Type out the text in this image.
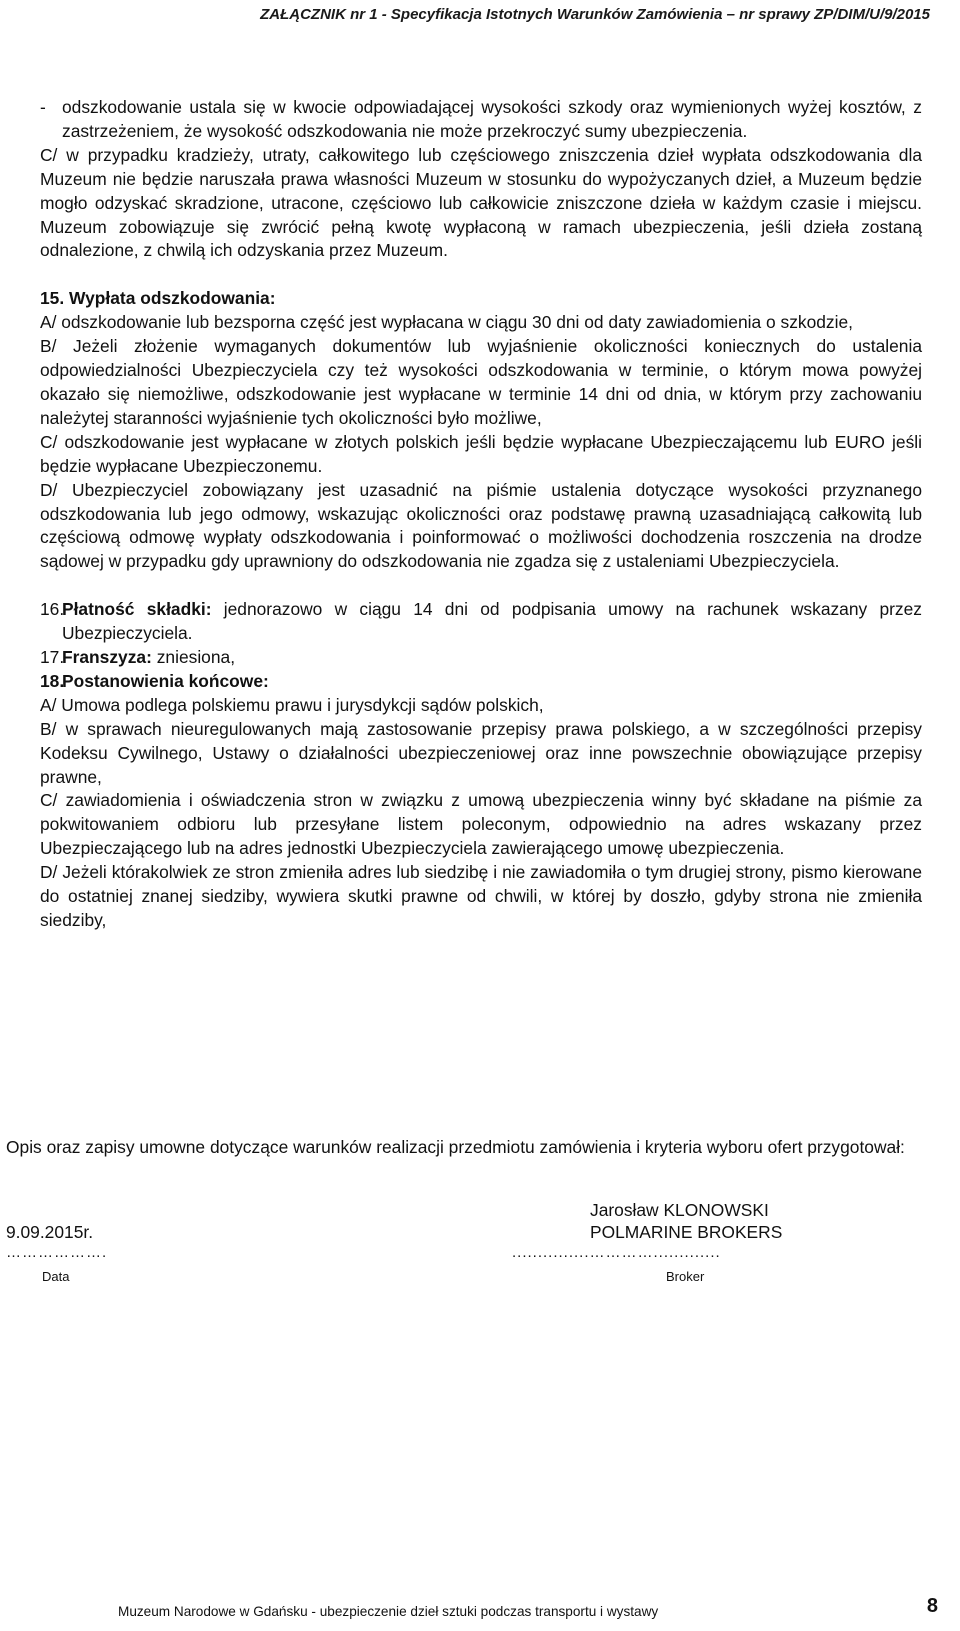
ZAŁĄCZNIK nr 1 - Specyfikacja Istotnych Warunków Zamówienia – nr sprawy ZP/DIM/U/9/2015

- odszkodowanie ustala się w kwocie odpowiadającej wysokości szkody oraz wymienionych wyżej kosztów, z zastrzeżeniem, że wysokość odszkodowania nie może przekroczyć sumy ubezpieczenia.

C/ w przypadku kradzieży, utraty, całkowitego lub częściowego zniszczenia dzieł wypłata odszkodowania dla Muzeum nie będzie naruszała prawa własności Muzeum w stosunku do wypożyczanych dzieł, a Muzeum będzie mogło odzyskać skradzione, utracone, częściowo lub całkowicie zniszczone dzieła w każdym czasie i miejscu. Muzeum zobowiązuje się zwrócić pełną kwotę wypłaconą w ramach ubezpieczenia, jeśli dzieła zostaną odnalezione, z chwilą ich odzyskania przez Muzeum.

15. Wypłata odszkodowania:

A/ odszkodowanie lub bezsporna część jest wypłacana w ciągu 30 dni od daty zawiadomienia o szkodzie,

B/ Jeżeli złożenie wymaganych dokumentów lub wyjaśnienie okoliczności koniecznych do ustalenia odpowiedzialności Ubezpieczyciela czy też wysokości odszkodowania w terminie, o którym mowa powyżej okazało się niemożliwe, odszkodowanie jest wypłacane w terminie 14 dni od dnia, w którym przy zachowaniu należytej staranności wyjaśnienie tych okoliczności było możliwe,

C/ odszkodowanie jest wypłacane w złotych polskich jeśli będzie wypłacane Ubezpieczającemu lub EURO jeśli będzie wypłacane Ubezpieczonemu.

D/ Ubezpieczyciel zobowiązany jest uzasadnić na piśmie ustalenia dotyczące wysokości przyznanego odszkodowania lub jego odmowy, wskazując okoliczności oraz podstawę prawną uzasadniającą całkowitą lub częściową odmowę wypłaty odszkodowania i poinformować o możliwości dochodzenia roszczenia na drodze sądowej w przypadku gdy uprawniony do odszkodowania nie zgadza się z ustaleniami Ubezpieczyciela.

16.
Płatność składki: jednorazowo w ciągu 14 dni od podpisania umowy na rachunek wskazany przez Ubezpieczyciela.
17.
Franszyza: zniesiona,
18.
Postanowienia końcowe:

A/ Umowa podlega polskiemu prawu i jurysdykcji sądów polskich,

B/ w sprawach nieuregulowanych mają zastosowanie przepisy prawa polskiego, a w szczególności przepisy Kodeksu Cywilnego, Ustawy o działalności ubezpieczeniowej oraz inne powszechnie obowiązujące przepisy prawne,

C/ zawiadomienia i oświadczenia stron w związku z umową ubezpieczenia winny być składane na piśmie za pokwitowaniem odbioru lub przesyłane listem poleconym, odpowiednio na adres wskazany przez Ubezpieczającego lub na adres jednostki Ubezpieczyciela zawierającego umowę ubezpieczenia.

D/ Jeżeli którakolwiek ze stron zmieniła adres lub siedzibę i nie zawiadomiła o tym drugiej strony, pismo kierowane do ostatniej znanej siedziby, wywiera skutki prawne od chwili, w której by doszło, gdyby strona nie zmieniła siedziby,

Opis oraz zapisy umowne dotyczące warunków realizacji przedmiotu zamówienia i kryteria wyboru ofert przygotował:
Jarosław KLONOWSKI
POLMARINE BROKERS
9.09.2015r.
……………….	...............………….............
Data	Broker
Muzeum Narodowe w Gdańsku - ubezpieczenie dzieł sztuki podczas transportu i wystawy	8
